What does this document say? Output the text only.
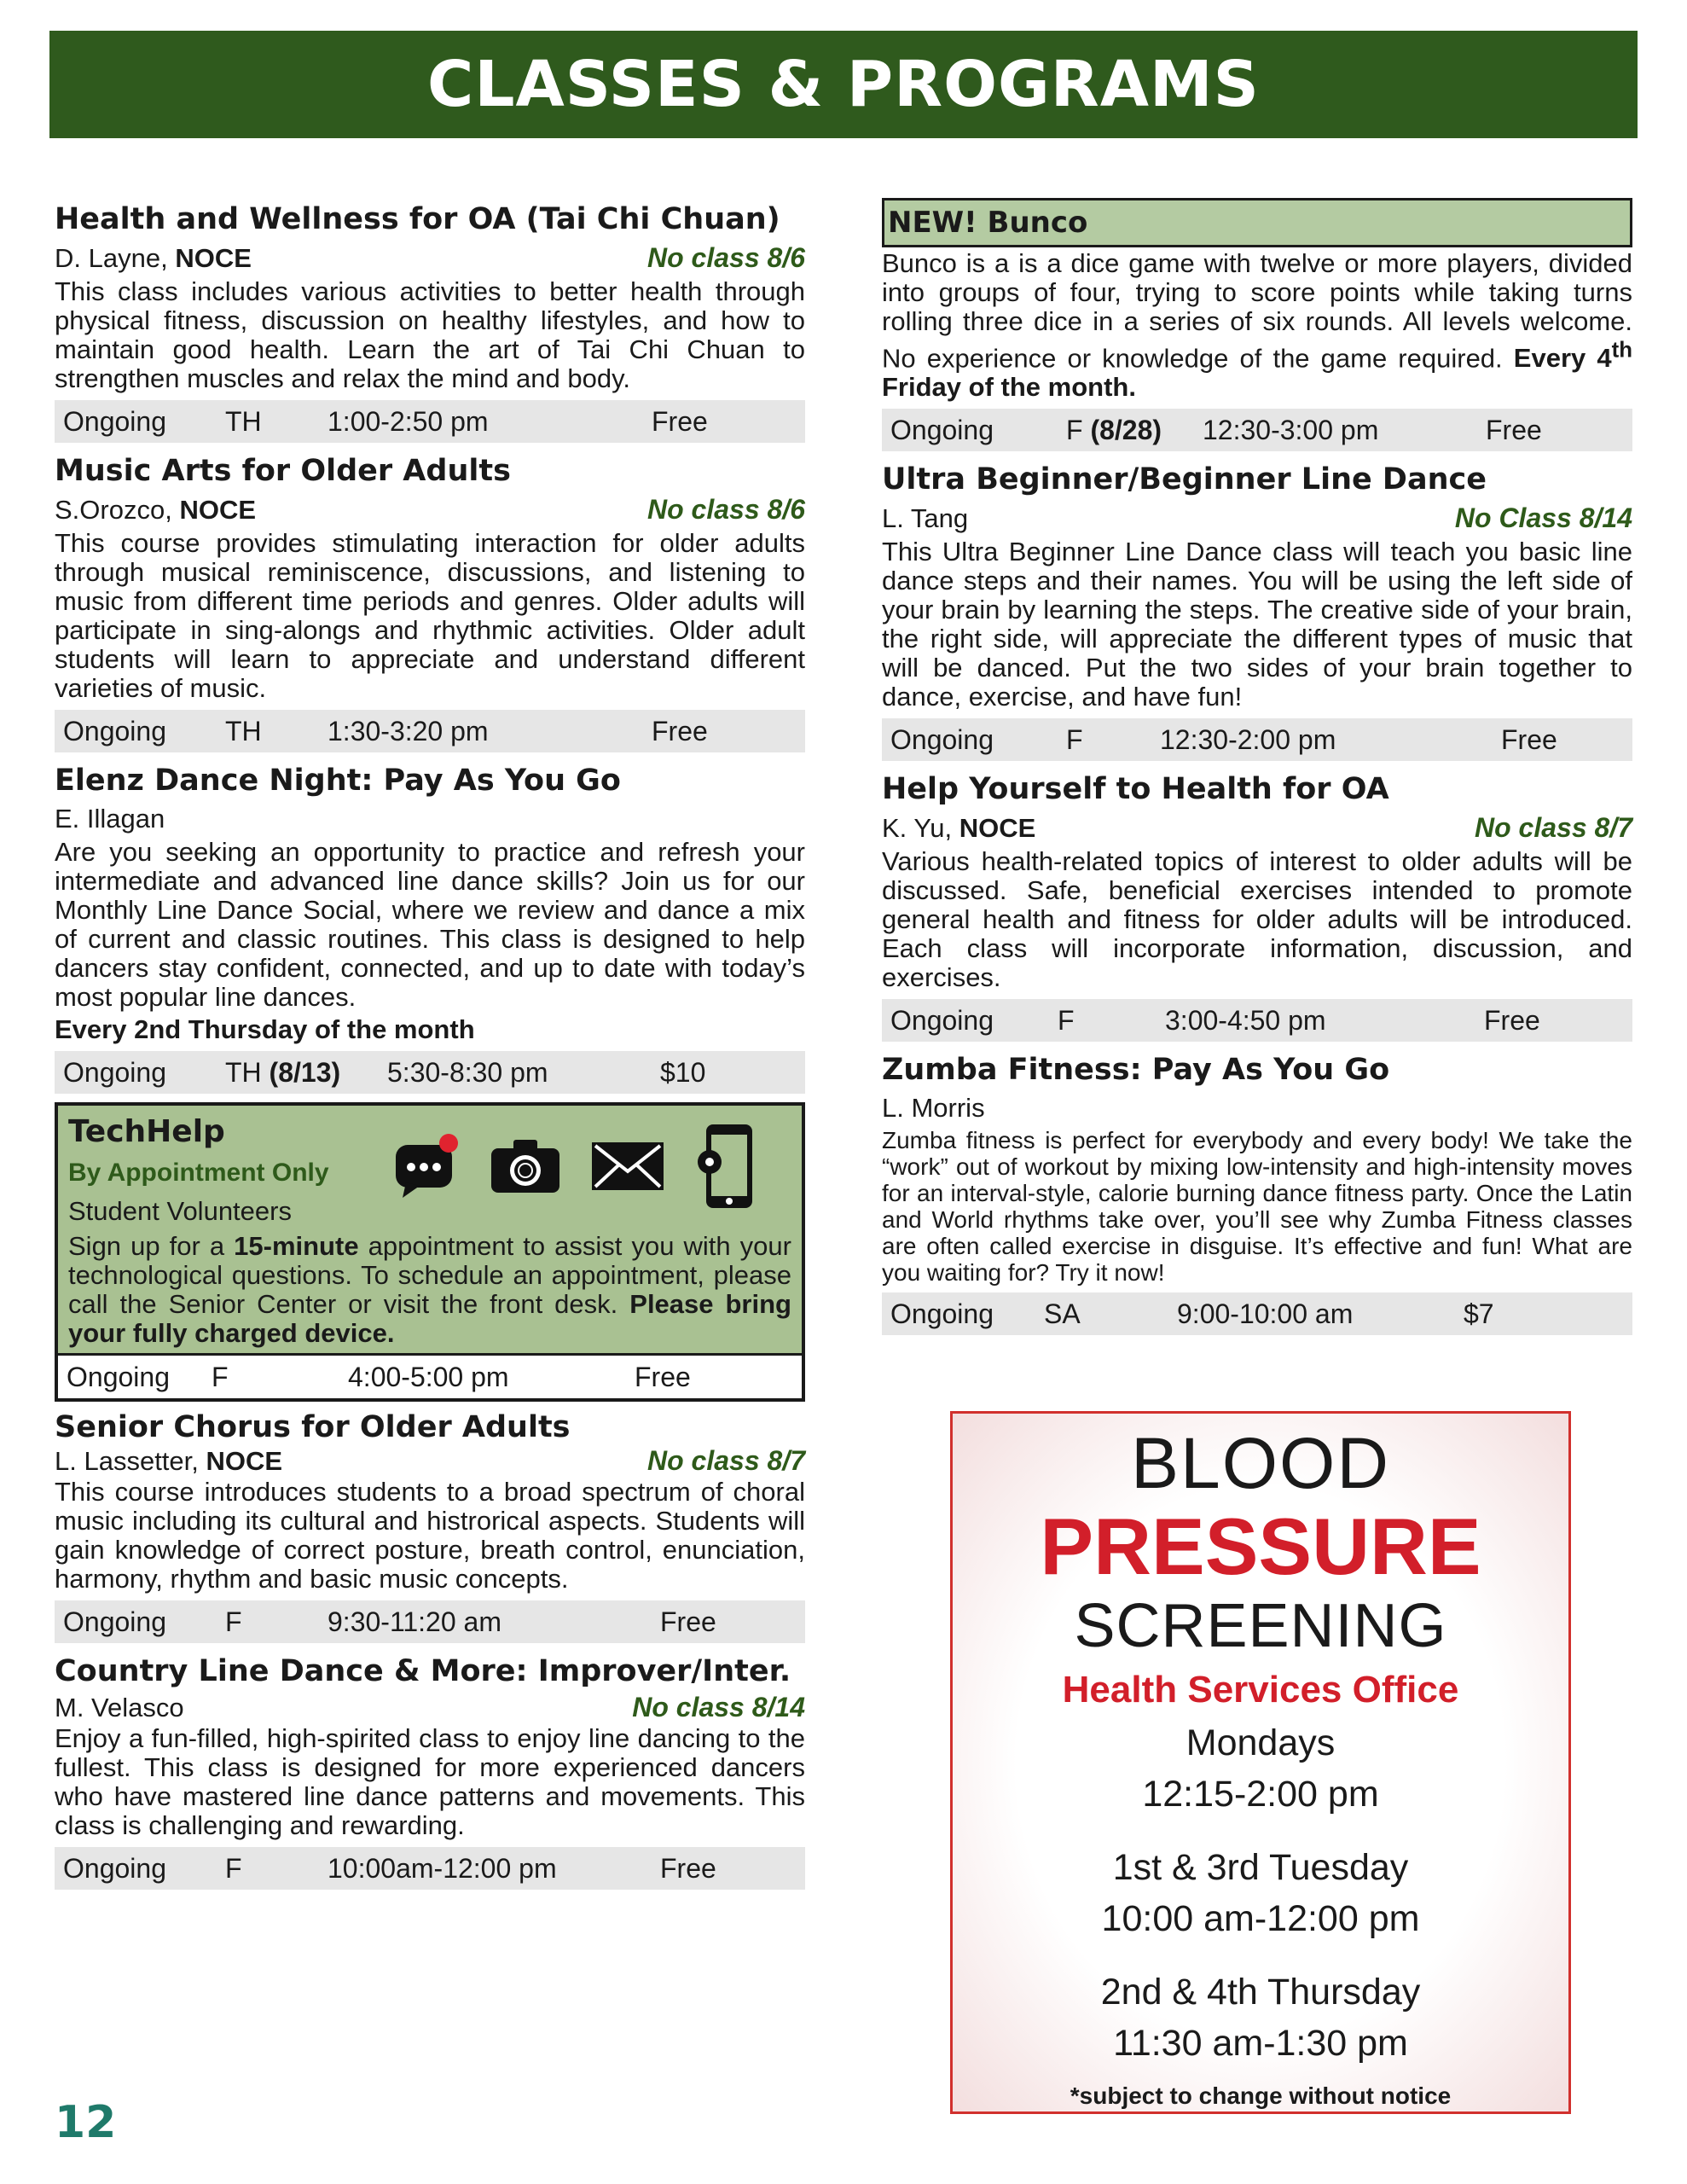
CLASSES & PROGRAMS
Health and Wellness for OA (Tai Chi Chuan)
D. Layne, NOCE	No class 8/6
This class includes various activities to better health through physical fitness, discussion on healthy lifestyles, and how to maintain good health. Learn the art of Tai Chi Chuan to strengthen muscles and relax the mind and body.
Ongoing	TH	1:00-2:50 pm	Free
Music Arts for Older Adults
S.Orozco, NOCE	No class 8/6
This course provides stimulating interaction for older adults through musical reminiscence, discussions, and listening to music from different time periods and genres. Older adults will participate in sing-alongs and rhythmic activities. Older adult students will learn to appreciate and understand different varieties of music.
Ongoing	TH	1:30-3:20 pm	Free
Elenz Dance Night: Pay As You Go
E. Illagan
Are you seeking an opportunity to practice and refresh your intermediate and advanced line dance skills? Join us for our Monthly Line Dance Social, where we review and dance a mix of current and classic routines. This class is designed to help dancers stay confident, connected, and up to date with today’s most popular line dances.
Every 2nd Thursday of the month
Ongoing	TH (8/13)	5:30-8:30 pm	$10
TechHelp
By Appointment Only
Student Volunteers
Sign up for a 15-minute appointment to assist you with your technological questions. To schedule an appointment, please call the Senior Center or visit the front desk. Please bring your fully charged device.
Ongoing	F	4:00-5:00 pm	Free
Senior Chorus for Older Adults
L. Lassetter, NOCE	No class 8/7
This course introduces students to a broad spectrum of choral music including its cultural and histrorical aspects. Students will gain knowledge of correct posture, breath control, enunciation, harmony, rhythm and basic music concepts.
Ongoing	F	9:30-11:20 am	Free
Country Line Dance & More: Improver/Inter.
M. Velasco	No class 8/14
Enjoy a fun-filled, high-spirited class to enjoy line dancing to the fullest. This class is designed for more experienced dancers who have mastered line dance patterns and movements. This class is challenging and rewarding.
Ongoing	F	10:00am-12:00 pm	Free
NEW! Bunco
Bunco is a is a dice game with twelve or more players, divided into groups of four, trying to score points while taking turns rolling three dice in a series of six rounds. All levels welcome. No experience or knowledge of the game required. Every 4th Friday of the month.
Ongoing	F (8/28)	12:30-3:00 pm	Free
Ultra Beginner/Beginner Line Dance
L. Tang	No Class 8/14
This Ultra Beginner Line Dance class will teach you basic line dance steps and their names. You will be using the left side of your brain by learning the steps. The creative side of your brain, the right side, will appreciate the different types of music that will be danced. Put the two sides of your brain together to dance, exercise, and have fun!
Ongoing	F	12:30-2:00 pm	Free
Help Yourself to Health for OA
K. Yu, NOCE	No class 8/7
Various health-related topics of interest to older adults will be discussed. Safe, beneficial exercises intended to promote general health and fitness for older adults will be introduced. Each class will incorporate information, discussion, and exercises.
Ongoing	F	3:00-4:50 pm	Free
Zumba Fitness: Pay As You Go
L. Morris
Zumba fitness is perfect for everybody and every body! We take the “work” out of workout by mixing low-intensity and high-intensity moves for an interval-style, calorie burning dance fitness party. Once the Latin and World rhythms take over, you’ll see why Zumba Fitness classes are often called exercise in disguise. It’s effective and fun! What are you waiting for? Try it now!
Ongoing	SA	9:00-10:00 am	$7
BLOOD
PRESSURE
SCREENING
Health Services Office
Mondays
12:15-2:00 pm
1st & 3rd Tuesday
10:00 am-12:00 pm
2nd & 4th Thursday
11:30 am-1:30 pm
*subject to change without notice
12
